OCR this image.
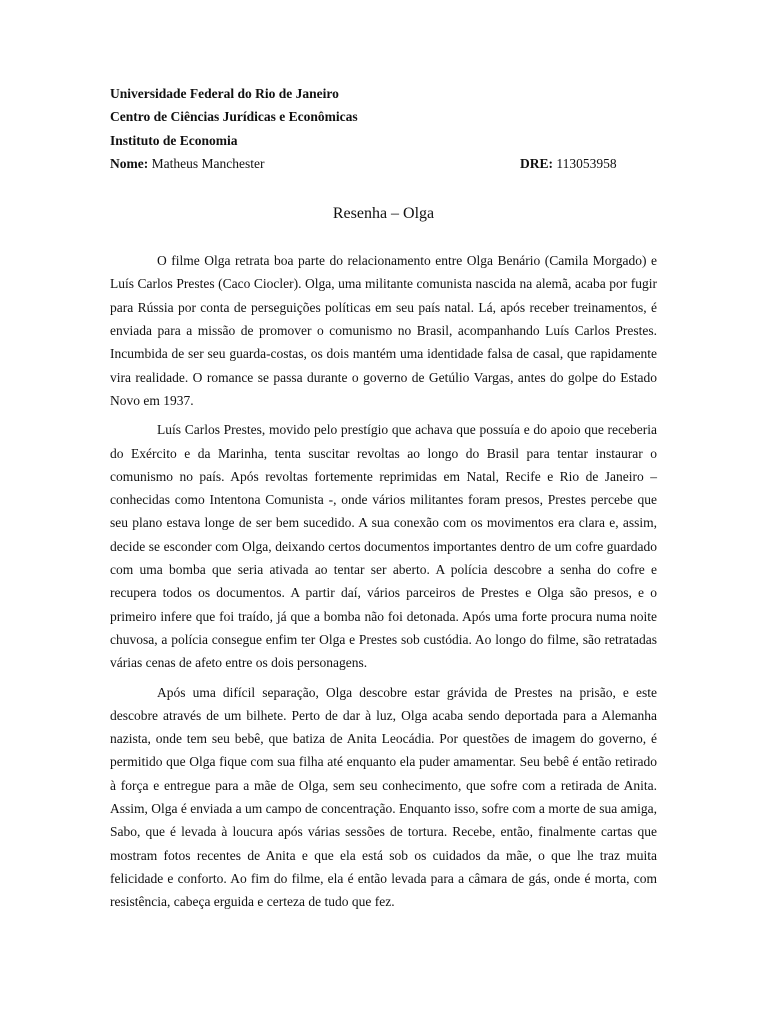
Universidade Federal do Rio de Janeiro
Centro de Ciências Jurídicas e Econômicas
Instituto de Economia
Nome: Matheus Manchester	DRE: 113053958
Resenha – Olga

O filme Olga retrata boa parte do relacionamento entre Olga Benário (Camila Morgado) e Luís Carlos Prestes (Caco Ciocler). Olga, uma militante comunista nascida na alemã, acaba por fugir para Rússia por conta de perseguições políticas em seu país natal. Lá, após receber treinamentos, é enviada para a missão de promover o comunismo no Brasil, acompanhando Luís Carlos Prestes. Incumbida de ser seu guarda-costas, os dois mantém uma identidade falsa de casal, que rapidamente vira realidade. O romance se passa durante o governo de Getúlio Vargas, antes do golpe do Estado Novo em 1937.

Luís Carlos Prestes, movido pelo prestígio que achava que possuía e do apoio que receberia do Exército e da Marinha, tenta suscitar revoltas ao longo do Brasil para tentar instaurar o comunismo no país. Após revoltas fortemente reprimidas em Natal, Recife e Rio de Janeiro – conhecidas como Intentona Comunista -, onde vários militantes foram presos, Prestes percebe que seu plano estava longe de ser bem sucedido. A sua conexão com os movimentos era clara e, assim, decide se esconder com Olga, deixando certos documentos importantes dentro de um cofre guardado com uma bomba que seria ativada ao tentar ser aberto. A polícia descobre a senha do cofre e recupera todos os documentos. A partir daí, vários parceiros de Prestes e Olga são presos, e o primeiro infere que foi traído, já que a bomba não foi detonada. Após uma forte procura numa noite chuvosa, a polícia consegue enfim ter Olga e Prestes sob custódia. Ao longo do filme, são retratadas várias cenas de afeto entre os dois personagens.

Após uma difícil separação, Olga descobre estar grávida de Prestes na prisão, e este descobre através de um bilhete. Perto de dar à luz, Olga acaba sendo deportada para a Alemanha nazista, onde tem seu bebê, que batiza de Anita Leocádia. Por questões de imagem do governo, é permitido que Olga fique com sua filha até enquanto ela puder amamentar. Seu bebê é então retirado à força e entregue para a mãe de Olga, sem seu conhecimento, que sofre com a retirada de Anita. Assim, Olga é enviada a um campo de concentração. Enquanto isso, sofre com a morte de sua amiga, Sabo, que é levada à loucura após várias sessões de tortura. Recebe, então, finalmente cartas que mostram fotos recentes de Anita e que ela está sob os cuidados da mãe, o que lhe traz muita felicidade e conforto. Ao fim do filme, ela é então levada para a câmara de gás, onde é morta, com resistência, cabeça erguida e certeza de tudo que fez.
